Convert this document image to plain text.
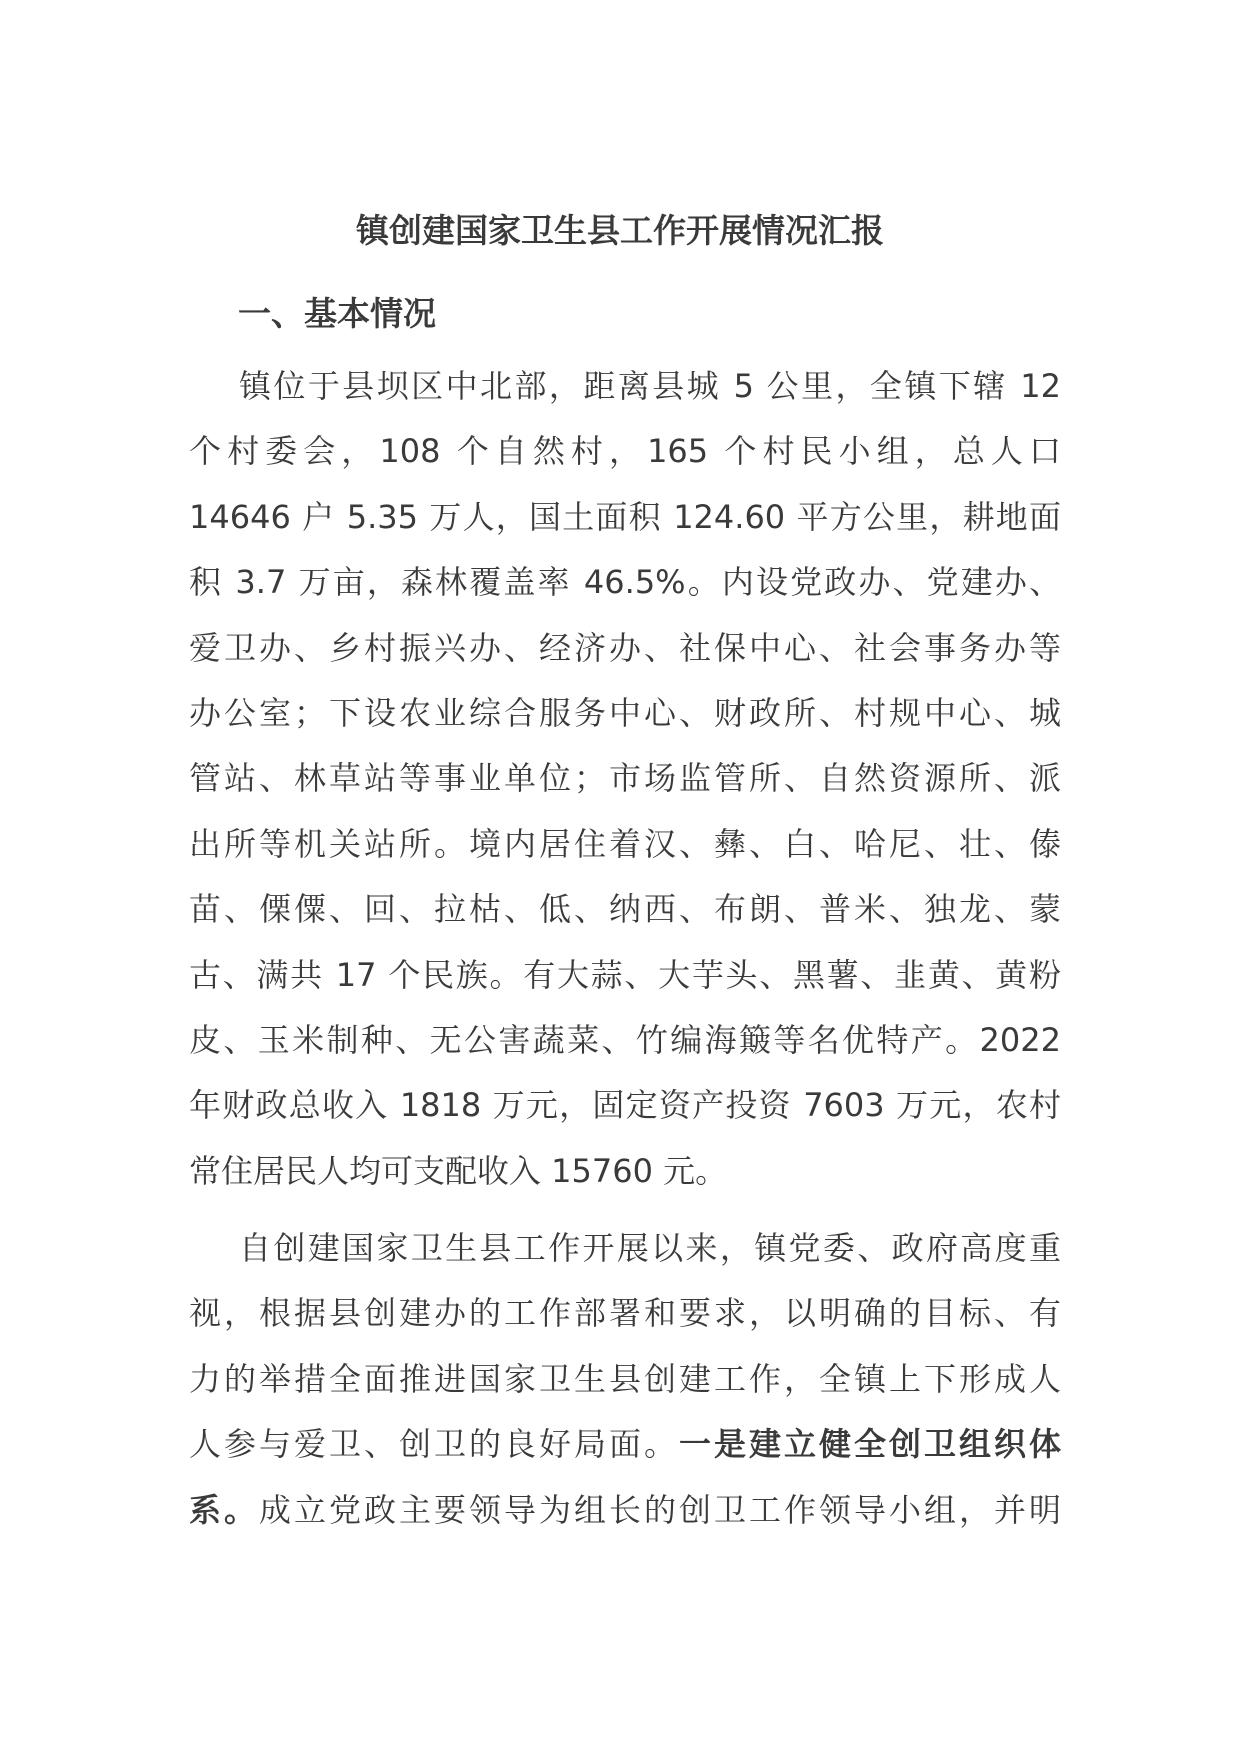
镇创建国家卫生县工作开展情况汇报
一、基本情况
镇位于县坝区中北部，距离县城 5 公里，全镇下辖 12
个村委会，108 个自然村，165 个村民小组，总人口
14646 户 5.35 万人，国土面积 124.60 平方公里，耕地面
积 3.7 万亩，森林覆盖率 46.5%。内设党政办、党建办、
爱卫办、乡村振兴办、经济办、社保中心、社会事务办等
办公室；下设农业综合服务中心、财政所、村规中心、城
管站、林草站等事业单位；市场监管所、自然资源所、派
出所等机关站所。境内居住着汉、彝、白、哈尼、壮、傣
苗、傈僳、回、拉枯、低、纳西、布朗、普米、独龙、蒙
古、满共 17 个民族。有大蒜、大芋头、黑薯、韭黄、黄粉
皮、玉米制种、无公害蔬菜、竹编海簸等名优特产。2022
年财政总收入 1818 万元，固定资产投资 7603 万元，农村
常住居民人均可支配收入 15760 元。
自创建国家卫生县工作开展以来，镇党委、政府高度重
视，根据县创建办的工作部署和要求，以明确的目标、有
力的举措全面推进国家卫生县创建工作，全镇上下形成人
人参与爱卫、创卫的良好局面。一是建立健全创卫组织体
系。成立党政主要领导为组长的创卫工作领导小组，并明
